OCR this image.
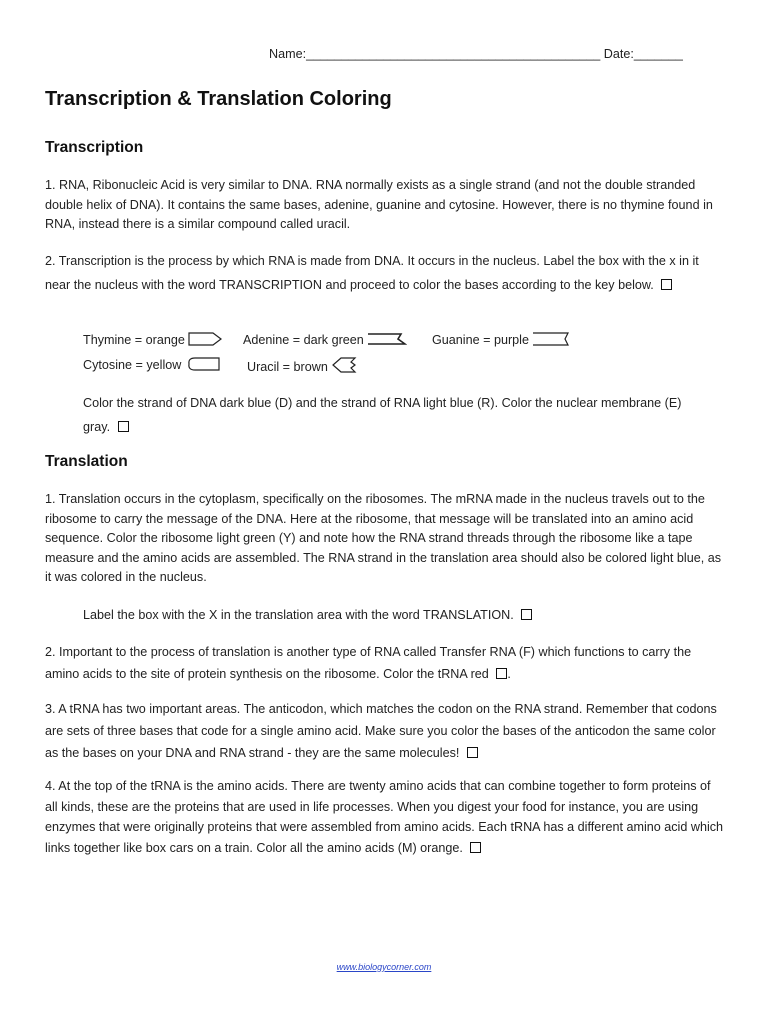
Name:__________________________________________ Date:_______
Transcription & Translation Coloring
Transcription

1. RNA, Ribonucleic Acid is very similar to DNA. RNA normally exists as a single strand (and not the double stranded double helix of DNA). It contains the same bases, adenine, guanine and cytosine. However, there is no thymine found in RNA, instead there is a similar compound called uracil.

2. Transcription is the process by which RNA is made from DNA. It occurs in the nucleus. Label the box with the x in it near the nucleus with the word TRANSCRIPTION and proceed to color the bases according to the key below.

Thymine = orange	Adenine = dark green	Guanine = purple
Cytosine = yellow	Uracil = brown

Color the strand of DNA dark blue (D) and the strand of RNA light blue (R). Color the nuclear membrane (E) gray.

Translation

1. Translation occurs in the cytoplasm, specifically on the ribosomes. The mRNA made in the nucleus travels out to the ribosome to carry the message of the DNA. Here at the ribosome, that message will be translated into an amino acid sequence. Color the ribosome light green (Y) and note how the RNA strand threads through the ribosome like a tape measure and the amino acids are assembled. The RNA strand in the translation area should also be colored light blue, as it was colored in the nucleus.

Label the box with the X in the translation area with the word TRANSLATION.

2. Important to the process of translation is another type of RNA called Transfer RNA (F) which functions to carry the amino acids to the site of protein synthesis on the ribosome. Color the tRNA red .

3. A tRNA has two important areas. The anticodon, which matches the codon on the RNA strand. Remember that codons are sets of three bases that code for a single amino acid. Make sure you color the bases of the anticodon the same color as the bases on your DNA and RNA strand - they are the same molecules!

4. At the top of the tRNA is the amino acids. There are twenty amino acids that can combine together to form proteins of all kinds, these are the proteins that are used in life processes. When you digest your food for instance, you are using enzymes that were originally proteins that were assembled from amino acids. Each tRNA has a different amino acid which links together like box cars on a train. Color all the amino acids (M) orange.

www.biologycorner.com
